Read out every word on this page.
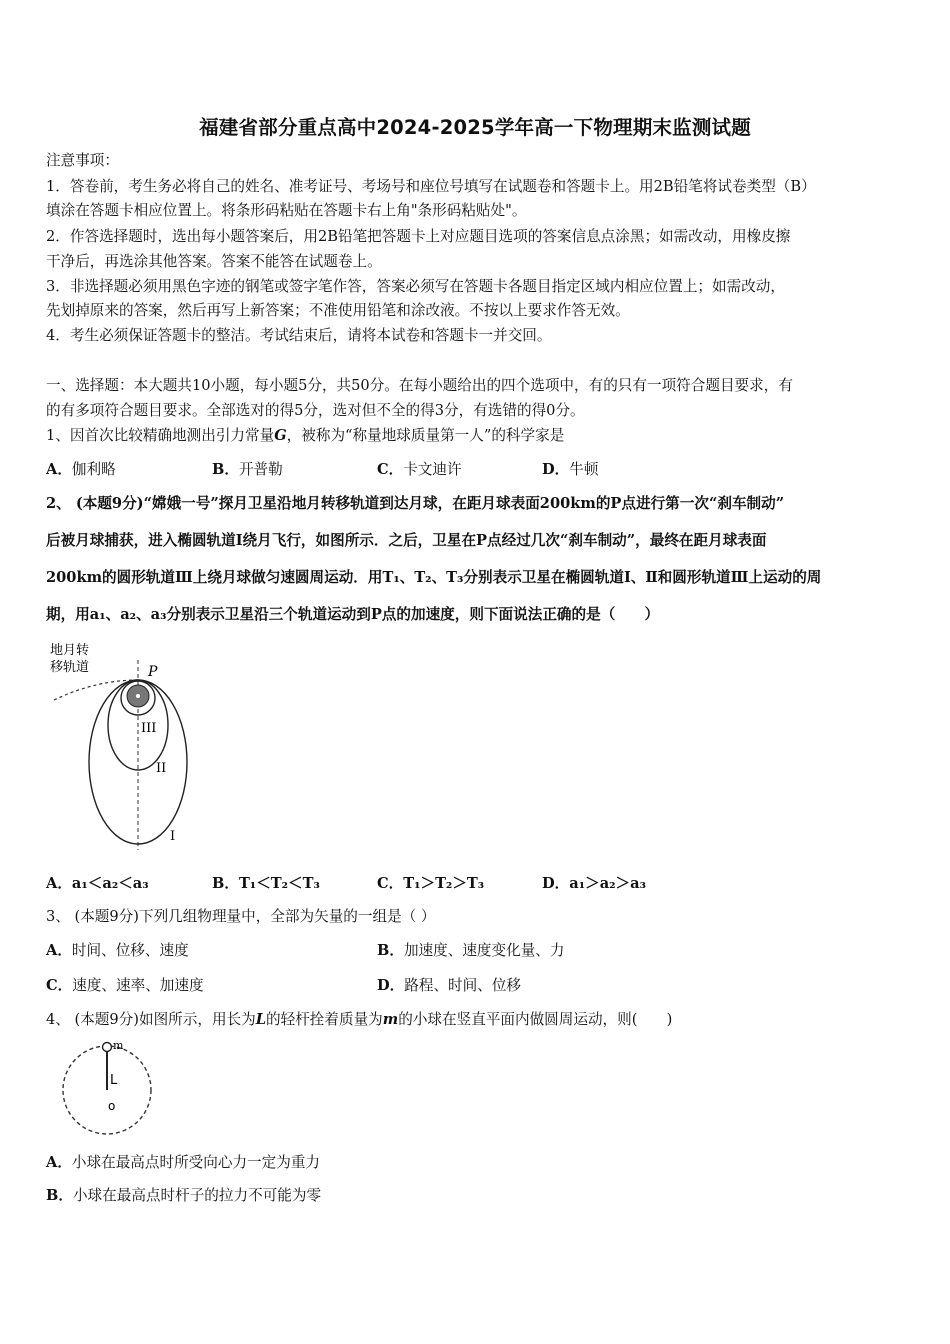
福建省部分重点高中2024-2025学年高一下物理期末监测试题
注意事项：
1．答卷前，考生务必将自己的姓名、准考证号、考场号和座位号填写在试题卷和答题卡上。用2B铅笔将试卷类型（B）
填涂在答题卡相应位置上。将条形码粘贴在答题卡右上角"条形码粘贴处"。
2．作答选择题时，选出每小题答案后，用2B铅笔把答题卡上对应题目选项的答案信息点涂黑；如需改动，用橡皮擦
干净后，再选涂其他答案。答案不能答在试题卷上。
3．非选择题必须用黑色字迹的钢笔或签字笔作答，答案必须写在答题卡各题目指定区域内相应位置上；如需改动，
先划掉原来的答案，然后再写上新答案；不准使用铅笔和涂改液。不按以上要求作答无效。
4．考生必须保证答题卡的整洁。考试结束后，请将本试卷和答题卡一并交回。
一、选择题：本大题共10小题，每小题5分，共50分。在每小题给出的四个选项中，有的只有一项符合题目要求，有
的有多项符合题目要求。全部选对的得5分，选对但不全的得3分，有选错的得0分。
1、因首次比较精确地测出引力常量G，被称为“称量地球质量第一人”的科学家是
A．伽利略	B．开普勒	C．卡文迪许	D．牛顿
2、 (本题9分)“嫦娥一号”探月卫星沿地月转移轨道到达月球，在距月球表面200km的P点进行第一次“刹车制动”
后被月球捕获，进入椭圆轨道Ⅰ绕月飞行，如图所示．之后，卫星在P点经过几次“刹车制动”，最终在距月球表面
200km的圆形轨道Ⅲ上绕月球做匀速圆周运动．用T₁、T₂、T₃分别表示卫星在椭圆轨道Ⅰ、Ⅱ和圆形轨道Ⅲ上运动的周
期，用a₁、a₂、a₃分别表示卫星沿三个轨道运动到P点的加速度，则下面说法正确的是（　　）
地月转
移轨道	P
III
II
I
A．a₁＜a₂＜a₃	B．T₁＜T₂＜T₃	C．T₁＞T₂＞T₃	D．a₁＞a₂＞a₃
3、 (本题9分)下列几组物理量中，全部为矢量的一组是（ ）
A．时间、位移、速度	B．加速度、速度变化量、力
C．速度、速率、加速度	D．路程、时间、位移
4、 (本题9分)如图所示，用长为L的轻杆拴着质量为m的小球在竖直平面内做圆周运动，则(　　)
m
L
o
A．小球在最高点时所受向心力一定为重力
B．小球在最高点时杆子的拉力不可能为零
